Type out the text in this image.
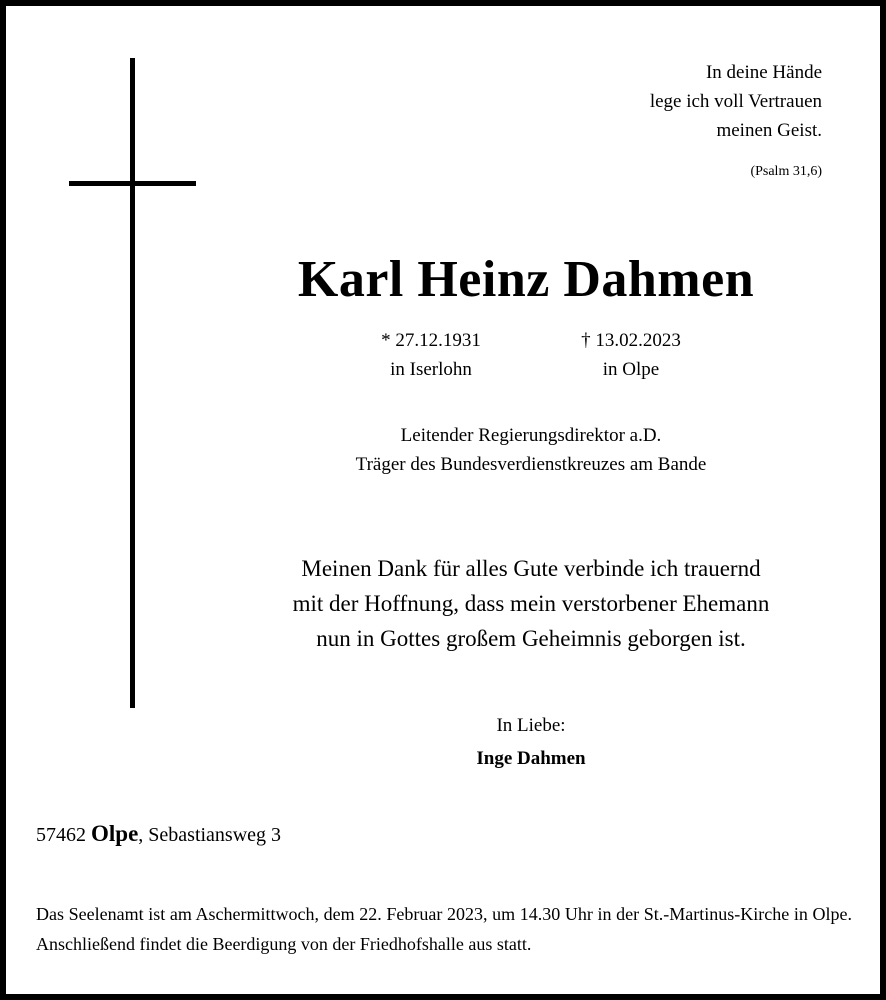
In deine Hände
lege ich voll Vertrauen
meinen Geist.
(Psalm 31,6)
Karl Heinz Dahmen
* 27.12.1931
in Iserlohn
† 13.02.2023
in Olpe
Leitender Regierungsdirektor a.D.
Träger des Bundesverdienstkreuzes am Bande
Meinen Dank für alles Gute verbinde ich trauernd
mit der Hoffnung, dass mein verstorbener Ehemann
nun in Gottes großem Geheimnis geborgen ist.
In Liebe:
Inge Dahmen
57462 Olpe, Sebastiansweg 3
Das Seelenamt ist am Aschermittwoch, dem 22. Februar 2023, um 14.30 Uhr in der St.-Martinus-Kirche in Olpe. Anschließend findet die Beerdigung von der Friedhofshalle aus statt.
